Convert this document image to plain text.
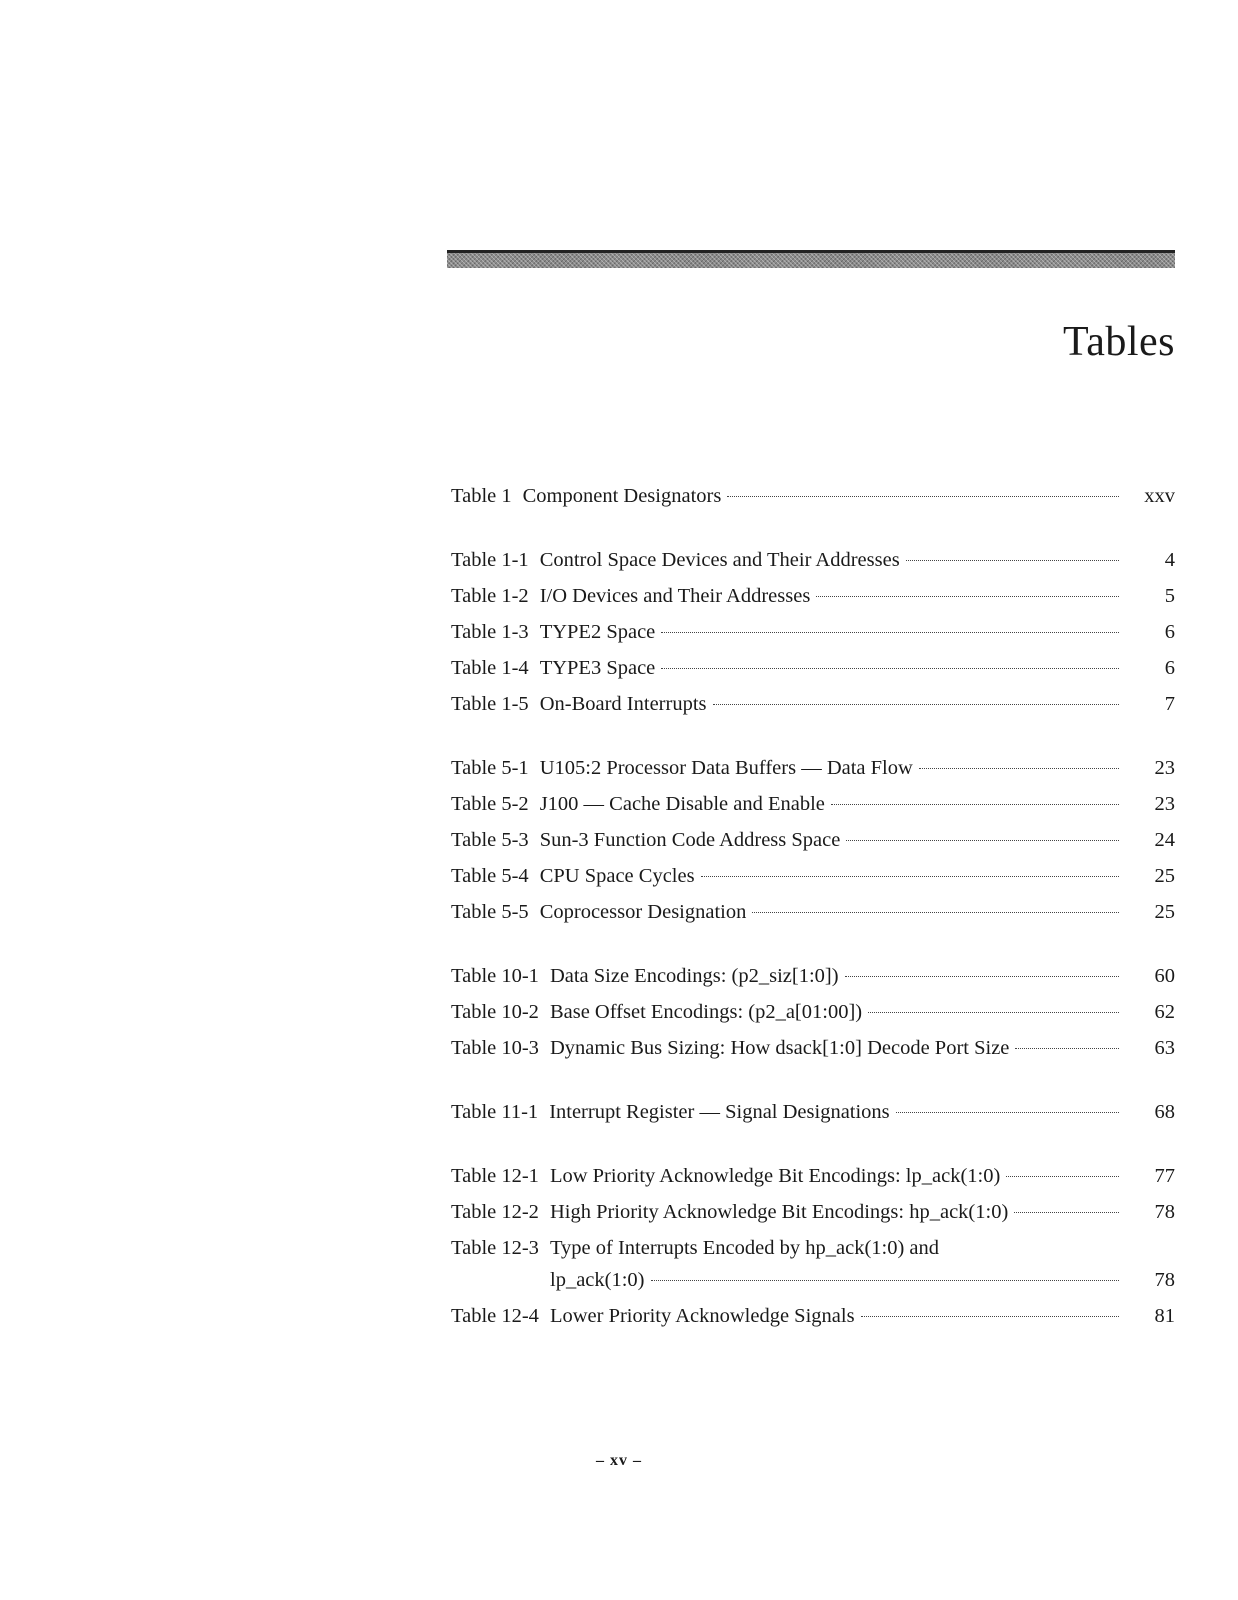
Tables
Table 1 Component Designators	xxv
Table 1-1 Control Space Devices and Their Addresses	4
Table 1-2 I/O Devices and Their Addresses	5
Table 1-3 TYPE2 Space	6
Table 1-4 TYPE3 Space	6
Table 1-5 On-Board Interrupts	7
Table 5-1 U105:2 Processor Data Buffers — Data Flow	23
Table 5-2 J100 — Cache Disable and Enable	23
Table 5-3 Sun-3 Function Code Address Space	24
Table 5-4 CPU Space Cycles	25
Table 5-5 Coprocessor Designation	25
Table 10-1 Data Size Encodings: (p2_siz[1:0])	60
Table 10-2 Base Offset Encodings: (p2_a[01:00])	62
Table 10-3 Dynamic Bus Sizing: How dsack[1:0] Decode Port Size	63
Table 11-1 Interrupt Register — Signal Designations	68
Table 12-1 Low Priority Acknowledge Bit Encodings: lp_ack(1:0)	77
Table 12-2 High Priority Acknowledge Bit Encodings: hp_ack(1:0)	78
Table 12-3 Type of Interrupts Encoded by hp_ack(1:0) and
lp_ack(1:0)	78
Table 12-4 Lower Priority Acknowledge Signals	81
– xv –
